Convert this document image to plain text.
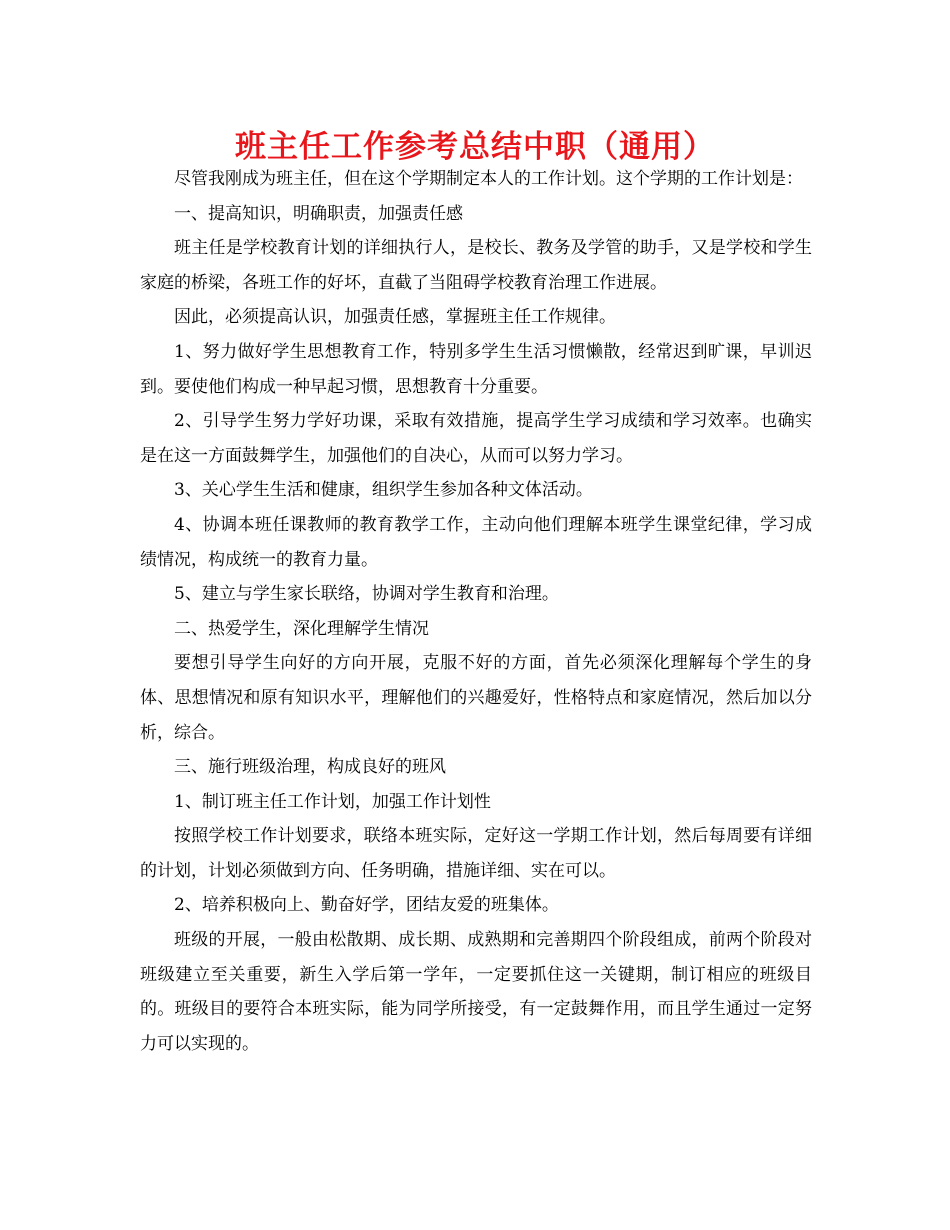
班主任工作参考总结中职（通用）

尽管我刚成为班主任，但在这个学期制定本人的工作计划。这个学期的工作计划是：

一、提高知识，明确职责，加强责任感

班主任是学校教育计划的详细执行人，是校长、教务及学管的助手，又是学校和学生家庭的桥梁，各班工作的好坏，直截了当阻碍学校教育治理工作进展。

因此，必须提高认识，加强责任感，掌握班主任工作规律。

1、努力做好学生思想教育工作，特别多学生生活习惯懒散，经常迟到旷课，早训迟到。要使他们构成一种早起习惯，思想教育十分重要。

2、引导学生努力学好功课，采取有效措施，提高学生学习成绩和学习效率。也确实是在这一方面鼓舞学生，加强他们的自决心，从而可以努力学习。

3、关心学生生活和健康，组织学生参加各种文体活动。

4、协调本班任课教师的教育教学工作，主动向他们理解本班学生课堂纪律，学习成绩情况，构成统一的教育力量。

5、建立与学生家长联络，协调对学生教育和治理。

二、热爱学生，深化理解学生情况

要想引导学生向好的方向开展，克服不好的方面，首先必须深化理解每个学生的身体、思想情况和原有知识水平，理解他们的兴趣爱好，性格特点和家庭情况，然后加以分析，综合。

三、施行班级治理，构成良好的班风

1、制订班主任工作计划，加强工作计划性

按照学校工作计划要求，联络本班实际，定好这一学期工作计划，然后每周要有详细的计划，计划必须做到方向、任务明确，措施详细、实在可以。

2、培养积极向上、勤奋好学，团结友爱的班集体。

班级的开展，一般由松散期、成长期、成熟期和完善期四个阶段组成，前两个阶段对班级建立至关重要，新生入学后第一学年，一定要抓住这一关键期，制订相应的班级目的。班级目的要符合本班实际，能为同学所接受，有一定鼓舞作用，而且学生通过一定努力可以实现的。
